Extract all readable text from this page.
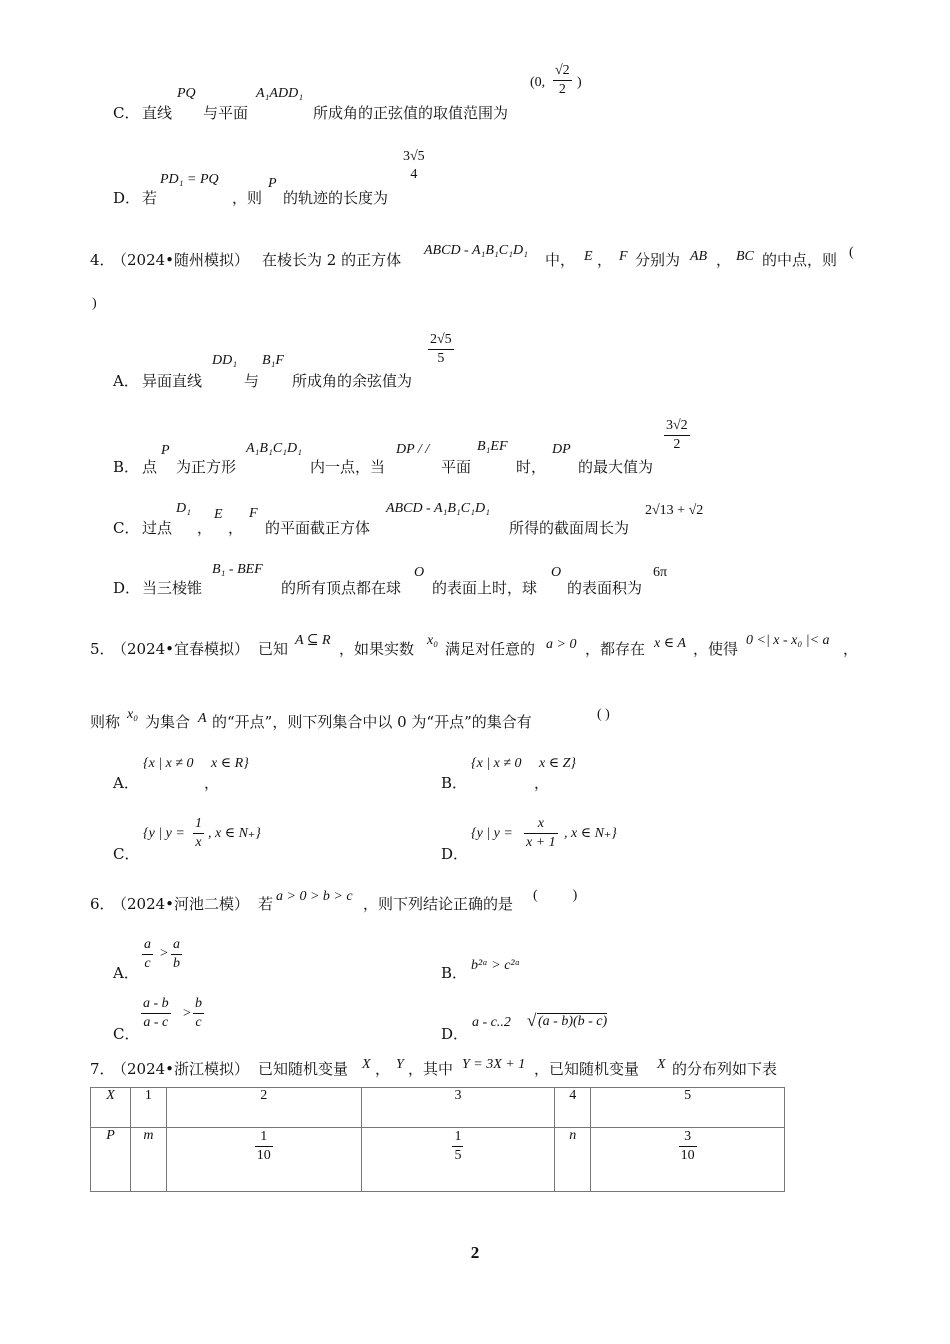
C． 直线
PQ
与平面
A₁ADD₁
所成角的正弦值的取值范围为
(0, $\frac{√2}{2}$ )
D． 若
PD₁ = PQ
，则
P
的轨迹的长度为
3√5
4
4．
（2024•随州模拟） 在棱长为 2 的正方体
ABCD - A₁B₁C₁D₁
中， E ， F 分别为 AB ， BC 的中点，则 (
)
A． 异面直线
DD₁
与
B₁F
所成角的余弦值为
$\frac{2√5}{5}$
B． 点
P
为正方形
A₁B₁C₁D₁
内一点，当
DP / /
平面
B₁EF
时，
DP
的最大值为
$\frac{3√2}{2}$
C． 过点
D₁
，
E
，
F
的平面截正方体
ABCD - A₁B₁C₁D₁
所得的截面周长为
2√13 + √2
D． 当三棱锥
B₁ - BEF
的所有顶点都在球
O
的表面上时，球
O
的表面积为
6π
5．
（2024•宜春模拟） 已知 A ⊆ R ，如果实数 x₀ 满足对任意的 a > 0 ，都存在 x ∈ A ，使得 0 <| x - x₀ |< a ，
则称 x₀ 为集合 A 的“开点”，则下列集合中以 0 为“开点”的集合有	( )
A．
{x | x ≠ 0     x ∈ R}
，	B．
{x | x ≠ 0     x ∈ Z}
，
C．
{y | $y = \frac{1}{x}$ , x ∈ N₊}
D．
{y | $y = \frac{x}{x + 1}$ , x ∈ N₊}
6．
（2024•河池二模） 若 a > 0 > b > c ，则下列结论正确的是 (          )
A． $\frac{a}{c} > \frac{a}{b}$	B． b²ᵃ > c²ᵃ
C．
$\frac{a - b}{a - c} > \frac{b}{c}$
D．
a - c..2 √ (a - b)(b - c)
7．
（2024•浙江模拟） 已知随机变量 X ， Y ，其中 Y = 3X + 1 ，已知随机变量 X 的分布列如下表
X	1	2	3	4	5
P	m	$\frac{1}{10}$	$\frac{1}{5}$	n	$\frac{3}{10}$
2
